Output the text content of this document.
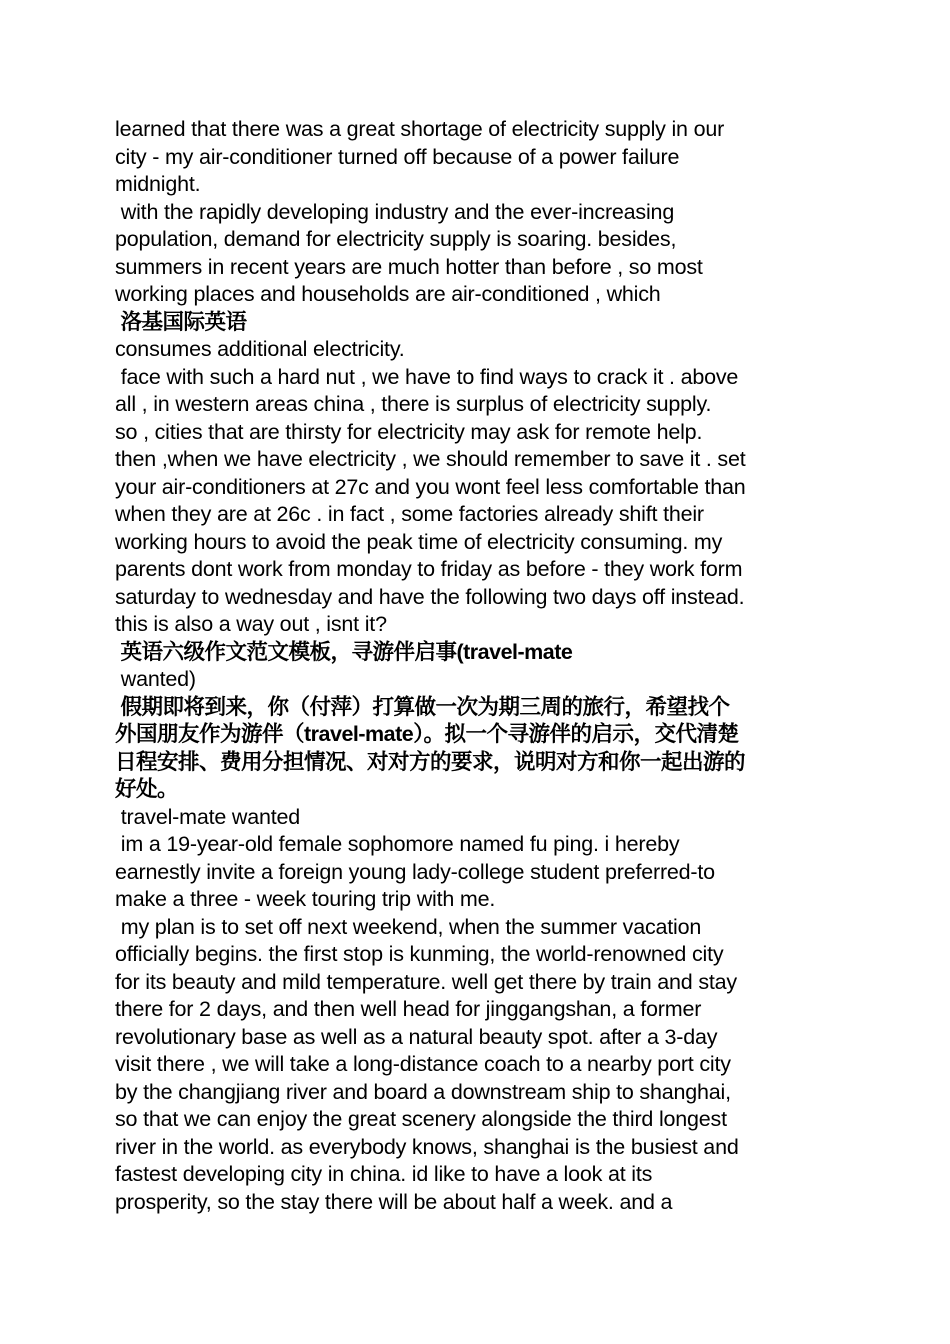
learned that there was a great shortage of electricity supply in our
city - my air-conditioner turned off because of a power failure
midnight.
with the rapidly developing industry and the ever-increasing
population, demand for electricity supply is soaring. besides,
summers in recent years are much hotter than before , so most
working places and households are air-conditioned , which
洛基国际英语
consumes additional electricity.
face with such a hard nut , we have to find ways to crack it . above
all , in western areas china , there is surplus of electricity supply.
so , cities that are thirsty for electricity may ask for remote help.
then ,when we have electricity , we should remember to save it . set
your air-conditioners at 27c and you wont feel less comfortable than
when they are at 26c . in fact , some factories already shift their
working hours to avoid the peak time of electricity consuming. my
parents dont work from monday to friday as before - they work form
saturday to wednesday and have the following two days off instead.
this is also a way out , isnt it?
英语六级作文范文模板，寻游伴启事(travel-mate
wanted)
假期即将到来，你（付萍）打算做一次为期三周的旅行，希望找个
外国朋友作为游伴（travel-mate）。拟一个寻游伴的启示，交代清楚
日程安排、费用分担情况、对对方的要求，说明对方和你一起出游的
好处。
travel-mate wanted
im a 19-year-old female sophomore named fu ping. i hereby
earnestly invite a foreign young lady-college student preferred-to
make a three - week touring trip with me.
my plan is to set off next weekend, when the summer vacation
officially begins. the first stop is kunming, the world-renowned city
for its beauty and mild temperature. well get there by train and stay
there for 2 days, and then well head for jinggangshan, a former
revolutionary base as well as a natural beauty spot. after a 3-day
visit there , we will take a long-distance coach to a nearby port city
by the changjiang river and board a downstream ship to shanghai,
so that we can enjoy the great scenery alongside the third longest
river in the world. as everybody knows, shanghai is the busiest and
fastest developing city in china. id like to have a look at its
prosperity, so the stay there will be about half a week. and a
